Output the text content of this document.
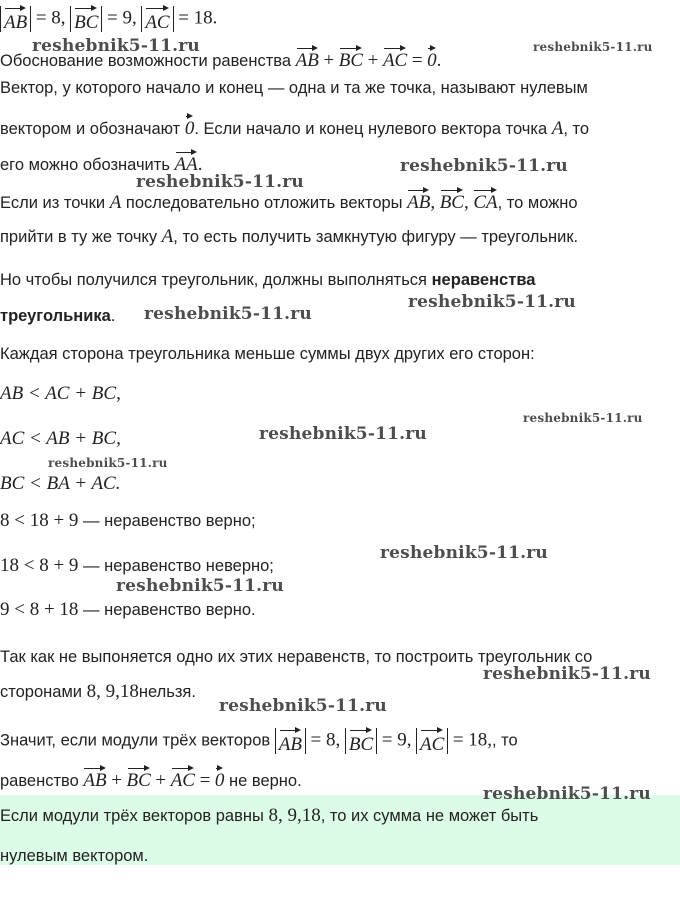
AB = 8, BC = 9, AC = 18.
Обоснование возможности равенства AB + BC + AC = 0.
Вектор, у которого начало и конец — одна и та же точка, называют нулевым
вектором и обозначают 0. Если начало и конец нулевого вектора точка A, то
его можно обозначить AA.
Если из точки A последовательно отложить векторы AB, BC, CA, то можно
прийти в ту же точку A, то есть получить замкнутую фигуру — треугольник.
Но чтобы получился треугольник, должны выполняться неравенства
треугольника.
Каждая сторона треугольника меньше суммы двух других его сторон:
AB < AC + BC,
AC < AB + BC,
BC < BA + AC.
8 < 18 + 9 — неравенство верно;
18 < 8 + 9 — неравенство неверно;
9 < 8 + 18 — неравенство верно.
Так как не выпоняется одно их этих неравенств, то построить треугольник со
сторонами 8, 9,18нельзя.
Значит, если модули трёх векторов AB = 8, BC = 9, AC = 18,, то
равенство AB + BC + AC = 0 не верно.
Если модули трёх векторов равны 8, 9,18, то их сумма не может быть
нулевым вектором.
reshebnik5-11.ru	reshebnik5-11.ru
reshebnik5-11.ru
reshebnik5-11.ru
reshebnik5-11.ru
reshebnik5-11.ru
reshebnik5-11.ru
reshebnik5-11.ru
reshebnik5-11.ru
reshebnik5-11.ru
reshebnik5-11.ru
reshebnik5-11.ru
reshebnik5-11.ru
reshebnik5-11.ru
